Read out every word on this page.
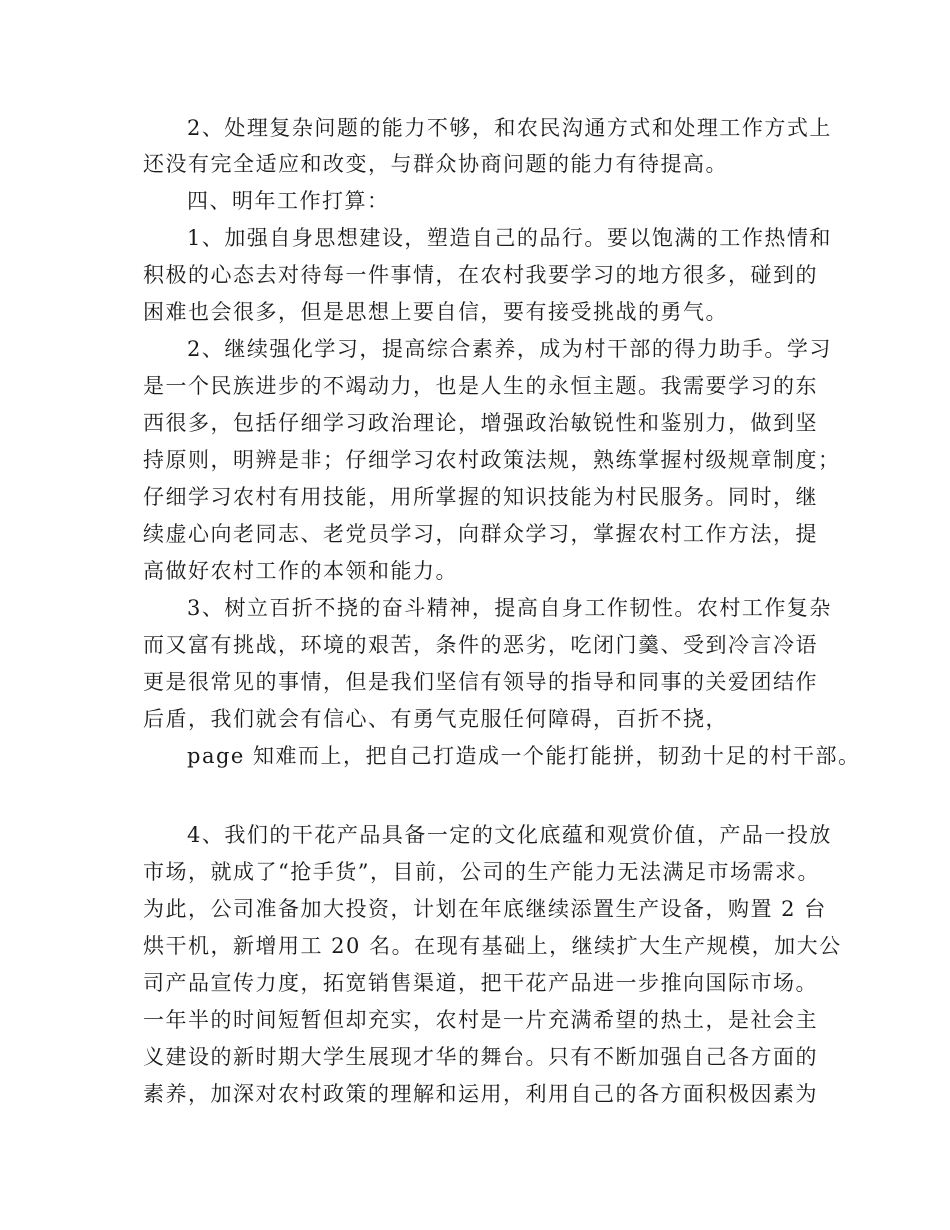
2、处理复杂问题的能力不够，和农民沟通方式和处理工作方式上
还没有完全适应和改变，与群众协商问题的能力有待提高。
四、明年工作打算：
1、加强自身思想建设，塑造自己的品行。要以饱满的工作热情和
积极的心态去对待每一件事情，在农村我要学习的地方很多，碰到的
困难也会很多，但是思想上要自信，要有接受挑战的勇气。
2、继续强化学习，提高综合素养，成为村干部的得力助手。学习
是一个民族进步的不竭动力，也是人生的永恒主题。我需要学习的东
西很多，包括仔细学习政治理论，增强政治敏锐性和鉴别力，做到坚
持原则，明辨是非；仔细学习农村政策法规，熟练掌握村级规章制度；
仔细学习农村有用技能，用所掌握的知识技能为村民服务。同时，继
续虚心向老同志、老党员学习，向群众学习，掌握农村工作方法，提
高做好农村工作的本领和能力。
3、树立百折不挠的奋斗精神，提高自身工作韧性。农村工作复杂
而又富有挑战，环境的艰苦，条件的恶劣，吃闭门羹、受到冷言冷语
更是很常见的事情，但是我们坚信有领导的指导和同事的关爱团结作
后盾，我们就会有信心、有勇气克服任何障碍，百折不挠，
page 知难而上，把自己打造成一个能打能拼，韧劲十足的村干部。
4、我们的干花产品具备一定的文化底蕴和观赏价值，产品一投放
市场，就成了“抢手货”，目前，公司的生产能力无法满足市场需求。
为此，公司准备加大投资，计划在年底继续添置生产设备，购置 2 台
烘干机，新增用工 20 名。在现有基础上，继续扩大生产规模，加大公
司产品宣传力度，拓宽销售渠道，把干花产品进一步推向国际市场。
一年半的时间短暂但却充实，农村是一片充满希望的热土，是社会主
义建设的新时期大学生展现才华的舞台。只有不断加强自己各方面的
素养，加深对农村政策的理解和运用，利用自己的各方面积极因素为
